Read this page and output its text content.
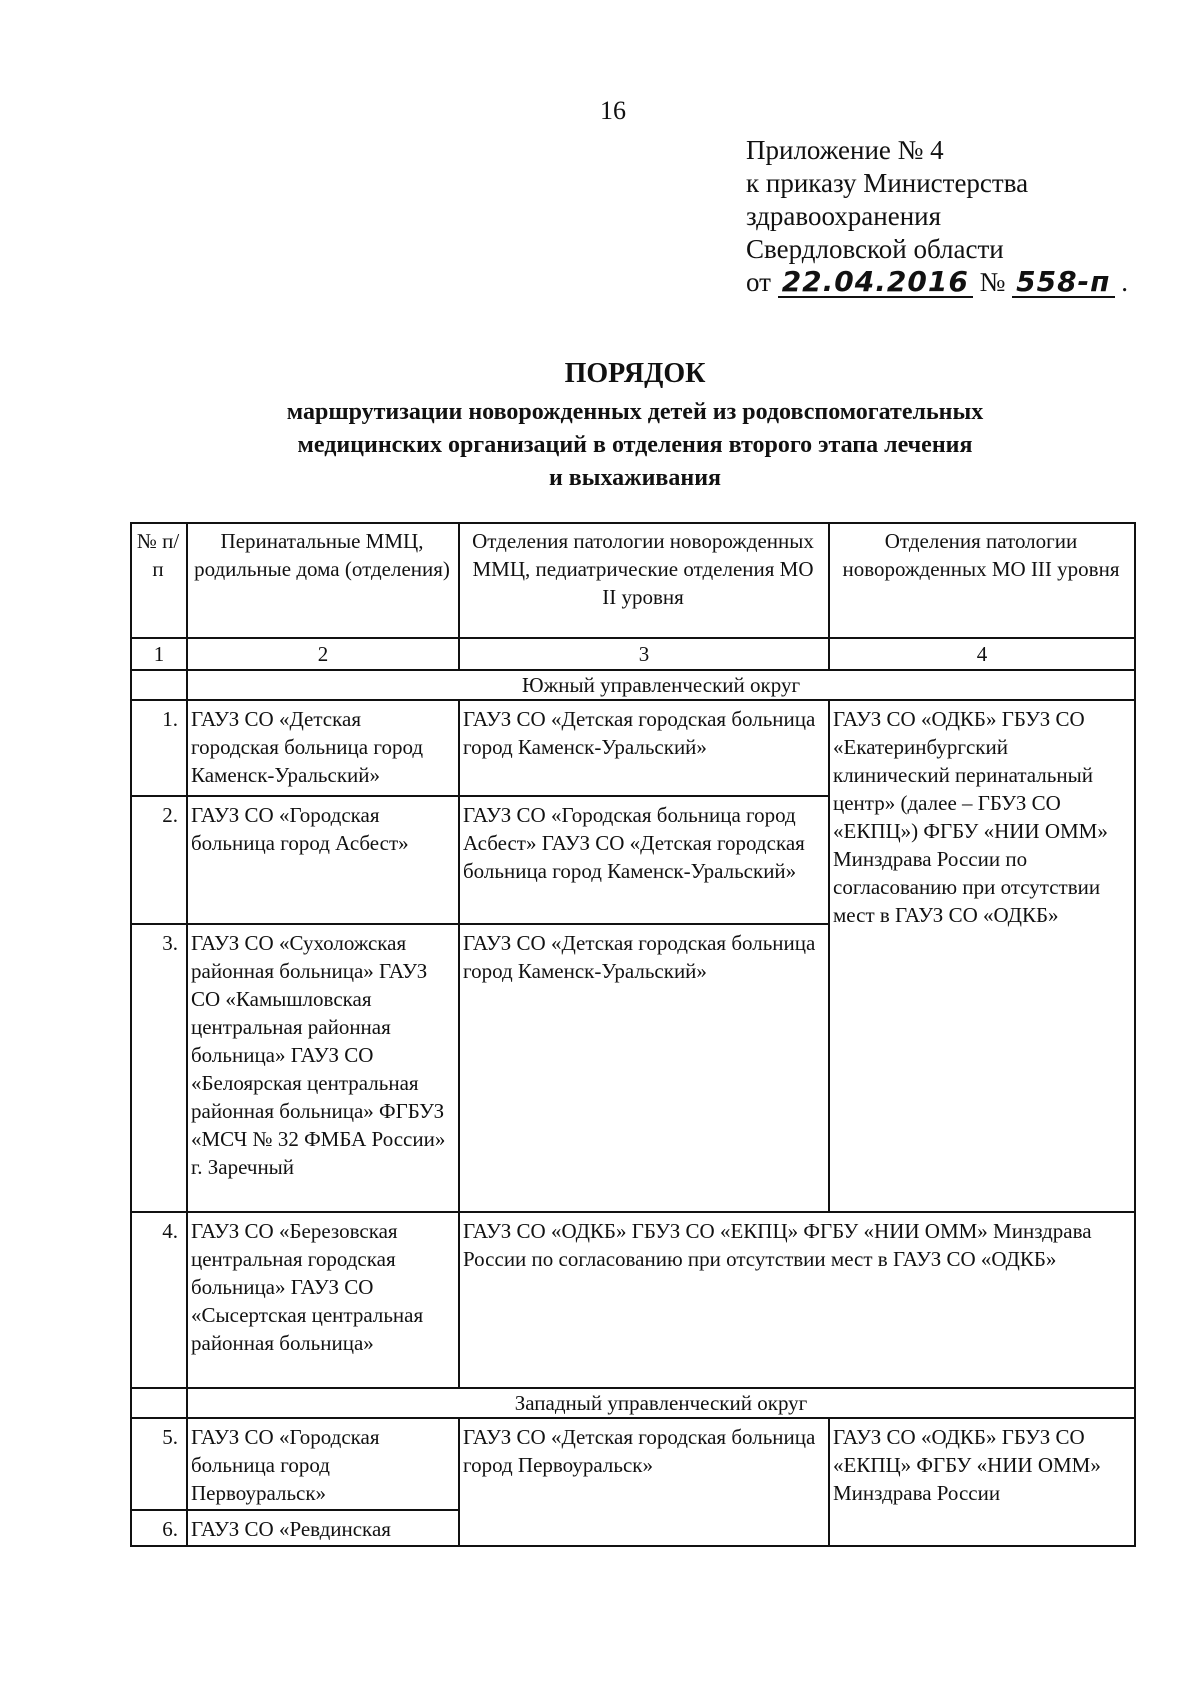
16
Приложение № 4
к приказу Министерства
здравоохранения
Свердловской области
от 22.04.2016 № 558-п .
ПОРЯДОК
маршрутизации новорожденных детей из родовспомогательных
медицинских организаций в отделения второго этапа лечения
и выхаживания
№ п/п	Перинатальные ММЦ, родильные дома (отделения)	Отделения патологии новорожденных ММЦ, педиатрические отделения МО II уровня	Отделения патологии новорожденных МО III уровня
1	2	3	4
	Южный управленческий округ		
1.	ГАУЗ СО «Детская городская больница город Каменск-Уральский»	ГАУЗ СО «Детская городская больница город Каменск-Уральский»	ГАУЗ СО «ОДКБ» ГБУЗ СО «Екатеринбургский клинический перинатальный центр» (далее – ГБУЗ СО «ЕКПЦ») ФГБУ «НИИ ОММ» Минздрава России по согласованию при отсутствии мест в ГАУЗ СО «ОДКБ»
2.	ГАУЗ СО «Городская больница город Асбест»	ГАУЗ СО «Городская больница город Асбест» ГАУЗ СО «Детская городская больница город Каменск-Уральский»	
3.	ГАУЗ СО «Сухоложская районная больница» ГАУЗ СО «Камышловская центральная районная больница» ГАУЗ СО «Белоярская центральная районная больница» ФГБУЗ «МСЧ № 32 ФМБА России» г. Заречный	ГАУЗ СО «Детская городская больница город Каменск-Уральский»	
4.	ГАУЗ СО «Березовская центральная городская больница» ГАУЗ СО «Сысертская центральная районная больница»	ГАУЗ СО «ОДКБ» ГБУЗ СО «ЕКПЦ» ФГБУ «НИИ ОММ» Минздрава России по согласованию при отсутствии мест в ГАУЗ СО «ОДКБ»	
	Западный управленческий округ		
5.	ГАУЗ СО «Городская больница город Первоуральск»	ГАУЗ СО «Детская городская больница город Первоуральск»	ГАУЗ СО «ОДКБ» ГБУЗ СО «ЕКПЦ» ФГБУ «НИИ ОММ» Минздрава России
6.	ГАУЗ СО «Ревдинская		
